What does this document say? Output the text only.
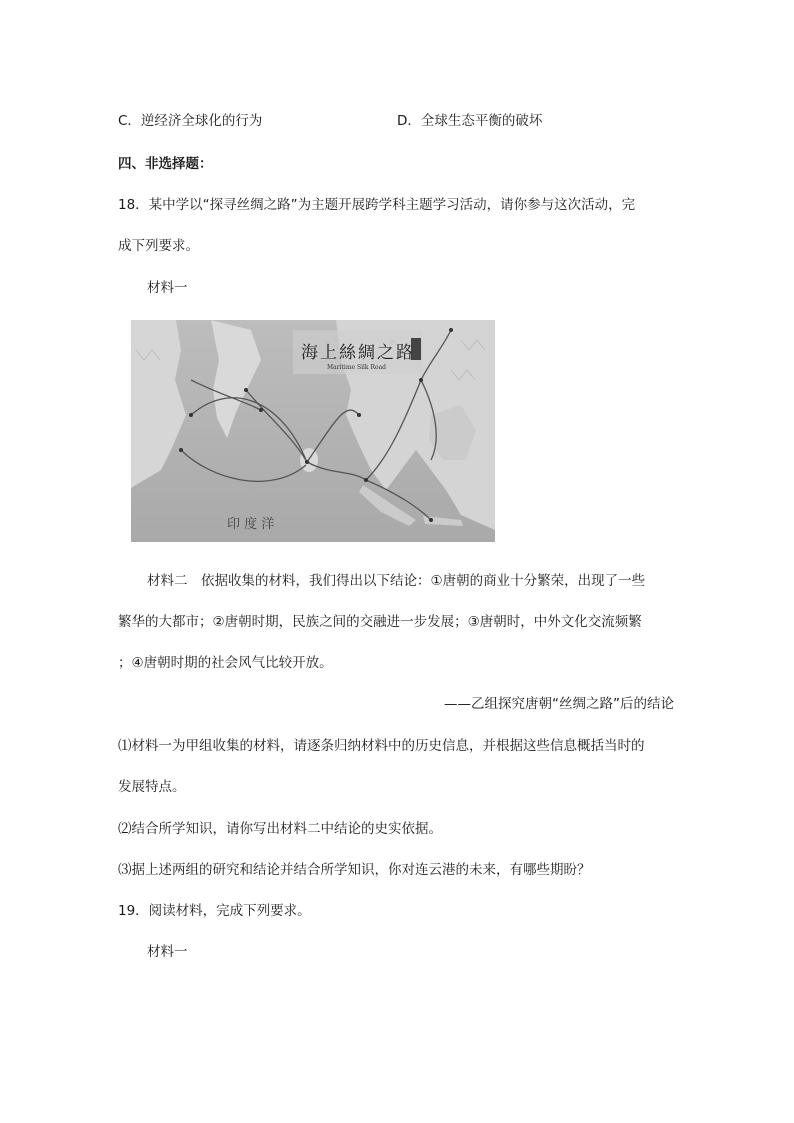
C．逆经济全球化的行为	D．全球生态平衡的破坏
四、非选择题：
18．某中学以“探寻丝绸之路”为主题开展跨学科主题学习活动，请你参与这次活动，完
成下列要求。
材料一
海上絲綢之路
Maritime Silk Road
印 度 洋
材料二　依据收集的材料，我们得出以下结论：①唐朝的商业十分繁荣，出现了一些
繁华的大都市；②唐朝时期，民族之间的交融进一步发展；③唐朝时，中外文化交流频繁
；④唐朝时期的社会风气比较开放。
——乙组探究唐朝“丝绸之路”后的结论
⑴材料一为甲组收集的材料，请逐条归纳材料中的历史信息，并根据这些信息概括当时的
发展特点。
⑵结合所学知识，请你写出材料二中结论的史实依据。
⑶据上述两组的研究和结论并结合所学知识，你对连云港的未来，有哪些期盼？
19．阅读材料，完成下列要求。
材料一
